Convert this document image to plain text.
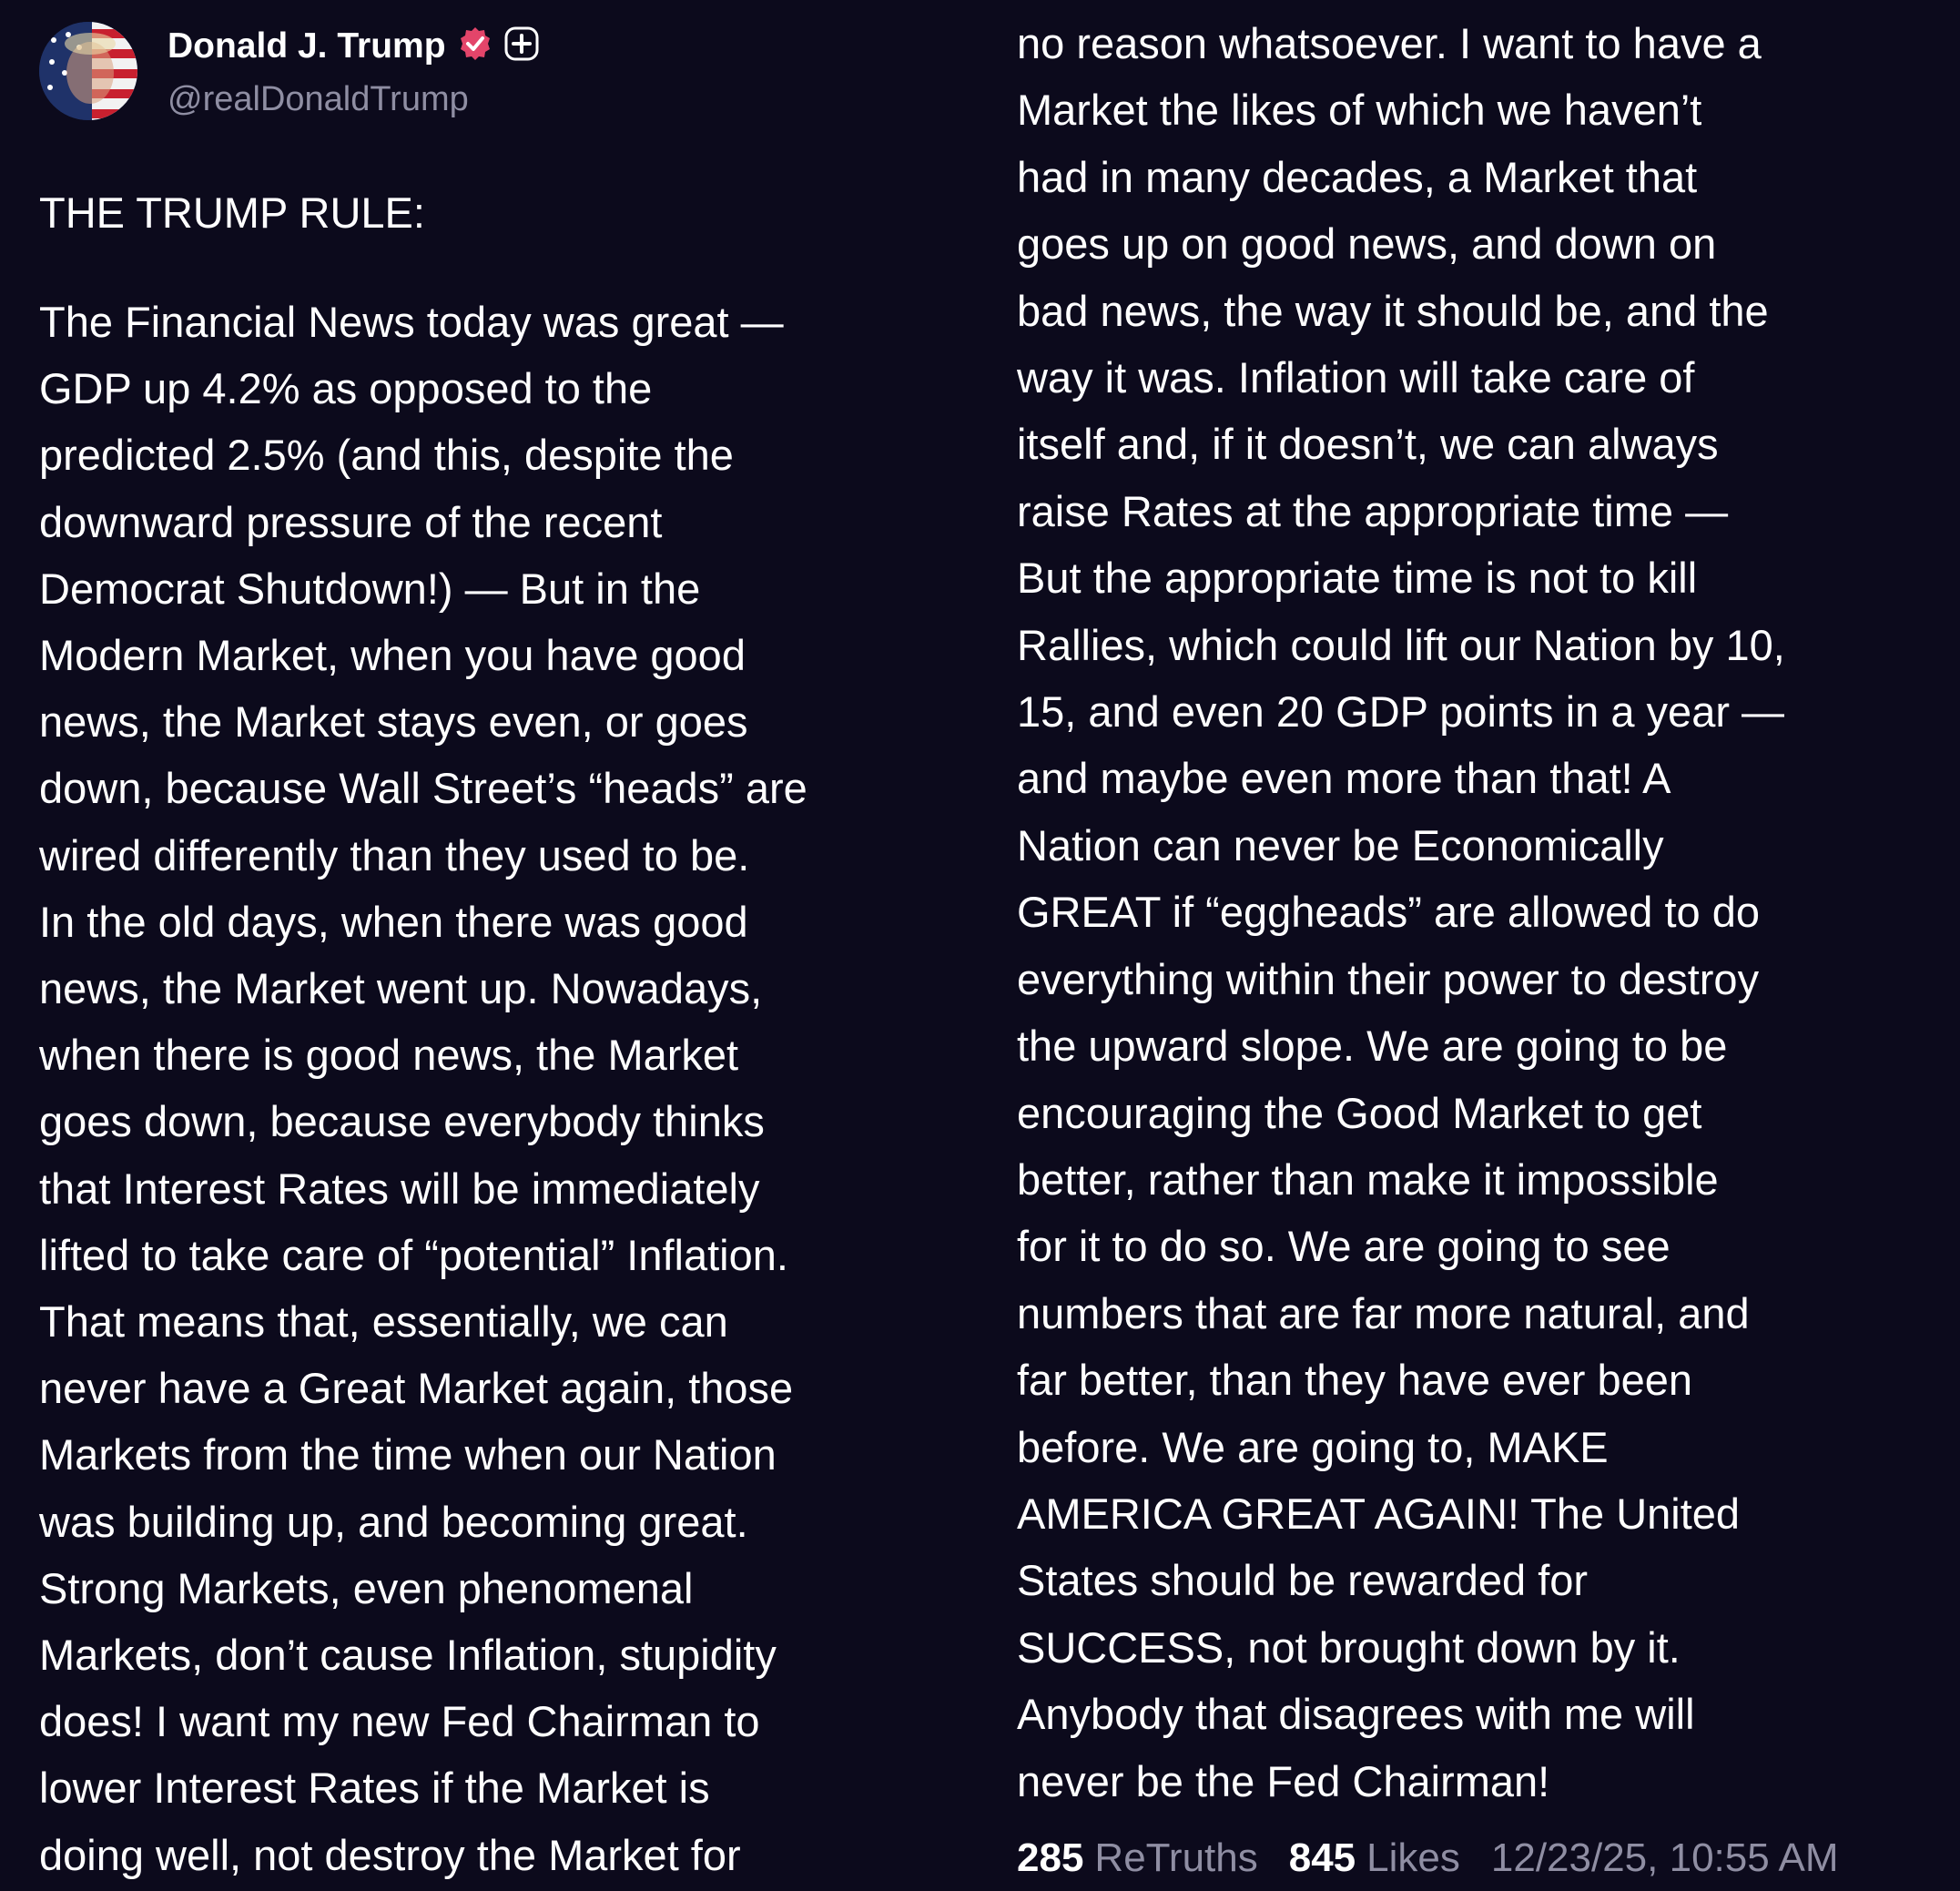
Donald J. Trump
@realDonaldTrump
THE TRUMP RULE:
The Financial News today was great —
GDP up 4.2% as opposed to the
predicted 2.5% (and this, despite the
downward pressure of the recent
Democrat Shutdown!) — But in the
Modern Market, when you have good
news, the Market stays even, or goes
down, because Wall Street’s “heads” are
wired differently than they used to be.
In the old days, when there was good
news, the Market went up. Nowadays,
when there is good news, the Market
goes down, because everybody thinks
that Interest Rates will be immediately
lifted to take care of “potential” Inflation.
That means that, essentially, we can
never have a Great Market again, those
Markets from the time when our Nation
was building up, and becoming great.
Strong Markets, even phenomenal
Markets, don’t cause Inflation, stupidity
does! I want my new Fed Chairman to
lower Interest Rates if the Market is
doing well, not destroy the Market for
no reason whatsoever. I want to have a
Market the likes of which we haven’t
had in many decades, a Market that
goes up on good news, and down on
bad news, the way it should be, and the
way it was. Inflation will take care of
itself and, if it doesn’t, we can always
raise Rates at the appropriate time —
But the appropriate time is not to kill
Rallies, which could lift our Nation by 10,
15, and even 20 GDP points in a year —
and maybe even more than that! A
Nation can never be Economically
GREAT if “eggheads” are allowed to do
everything within their power to destroy
the upward slope. We are going to be
encouraging the Good Market to get
better, rather than make it impossible
for it to do so. We are going to see
numbers that are far more natural, and
far better, than they have ever been
before. We are going to, MAKE
AMERICA GREAT AGAIN! The United
States should be rewarded for
SUCCESS, not brought down by it.
Anybody that disagrees with me will
never be the Fed Chairman!
285 ReTruths 845 Likes 12/23/25, 10:55 AM
